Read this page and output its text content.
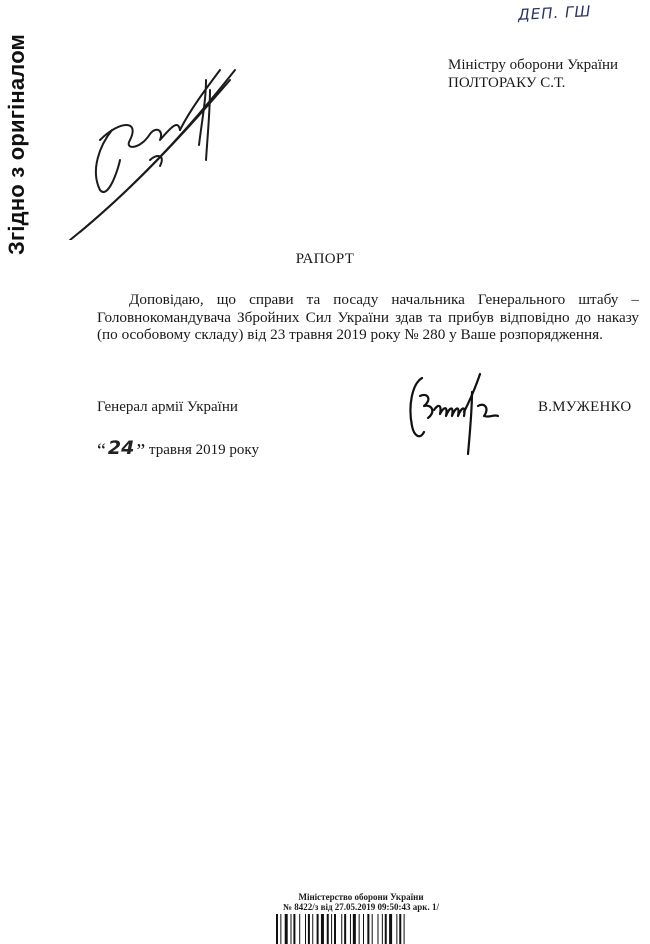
Згідно з оригіналом
ДЕП. ГШ
Міністру оборони України
ПОЛТОРАКУ С.Т.
РАПОРТ
Доповідаю, що справи та посаду начальника Генерального штабу – Головнокомандувача Збройних Сил України здав та прибув відповідно до наказу (по особовому складу) від 23 травня 2019 року № 280 у Ваше розпорядження.
Генерал армії України	В.МУЖЕНКО
“ 24 ” травня 2019 року
Міністерство оборони України
№ 8422/з від 27.05.2019 09:50:43 арк. 1/
